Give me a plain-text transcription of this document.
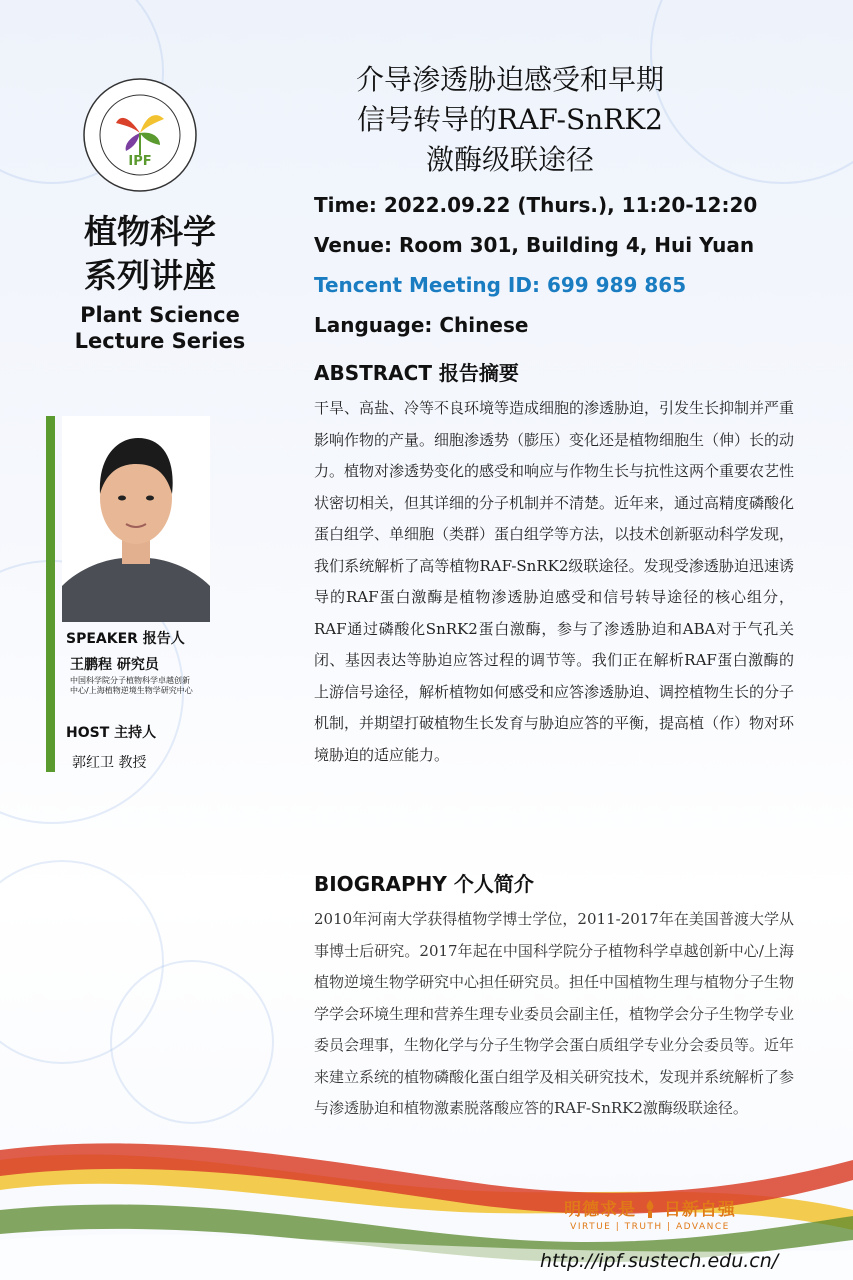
IPF
植物科学
系列讲座
Plant Science
Lecture Series
SPEAKER 报告人
王鹏程 研究员
中国科学院分子植物科学卓越创新
中心/上海植物逆境生物学研究中心
HOST 主持人
郭红卫 教授
介导渗透胁迫感受和早期
信号转导的RAF-SnRK2
激酶级联途径
Time: 2022.09.22 (Thurs.), 11:20-12:20
Venue: Room 301, Building 4, Hui Yuan
Tencent Meeting ID: 699 989 865
Language: Chinese
ABSTRACT 报告摘要
干旱、高盐、冷等不良环境等造成细胞的渗透胁迫，引发生长抑制并严重影响作物的产量。细胞渗透势（膨压）变化还是植物细胞生（伸）长的动力。植物对渗透势变化的感受和响应与作物生长与抗性这两个重要农艺性状密切相关，但其详细的分子机制并不清楚。近年来，通过高精度磷酸化蛋白组学、单细胞（类群）蛋白组学等方法，以技术创新驱动科学发现，我们系统解析了高等植物RAF-SnRK2级联途径。发现受渗透胁迫迅速诱导的RAF蛋白激酶是植物渗透胁迫感受和信号转导途径的核心组分，RAF通过磷酸化SnRK2蛋白激酶，参与了渗透胁迫和ABA对于气孔关闭、基因表达等胁迫应答过程的调节等。我们正在解析RAF蛋白激酶的上游信号途径，解析植物如何感受和应答渗透胁迫、调控植物生长的分子机制，并期望打破植物生长发育与胁迫应答的平衡，提高植（作）物对环境胁迫的适应能力。
BIOGRAPHY 个人简介
2010年河南大学获得植物学博士学位，2011-2017年在美国普渡大学从事博士后研究。2017年起在中国科学院分子植物科学卓越创新中心/上海植物逆境生物学研究中心担任研究员。担任中国植物生理与植物分子生物学学会环境生理和营养生理专业委员会副主任，植物学会分子生物学专业委员会理事，生物化学与分子生物学会蛋白质组学专业分会委员等。近年来建立系统的植物磷酸化蛋白组学及相关研究技术，发现并系统解析了参与渗透胁迫和植物激素脱落酸应答的RAF-SnRK2激酶级联途径。
明德求是 日新自强
VIRTUE | TRUTH | ADVANCE
http://ipf.sustech.edu.cn/
